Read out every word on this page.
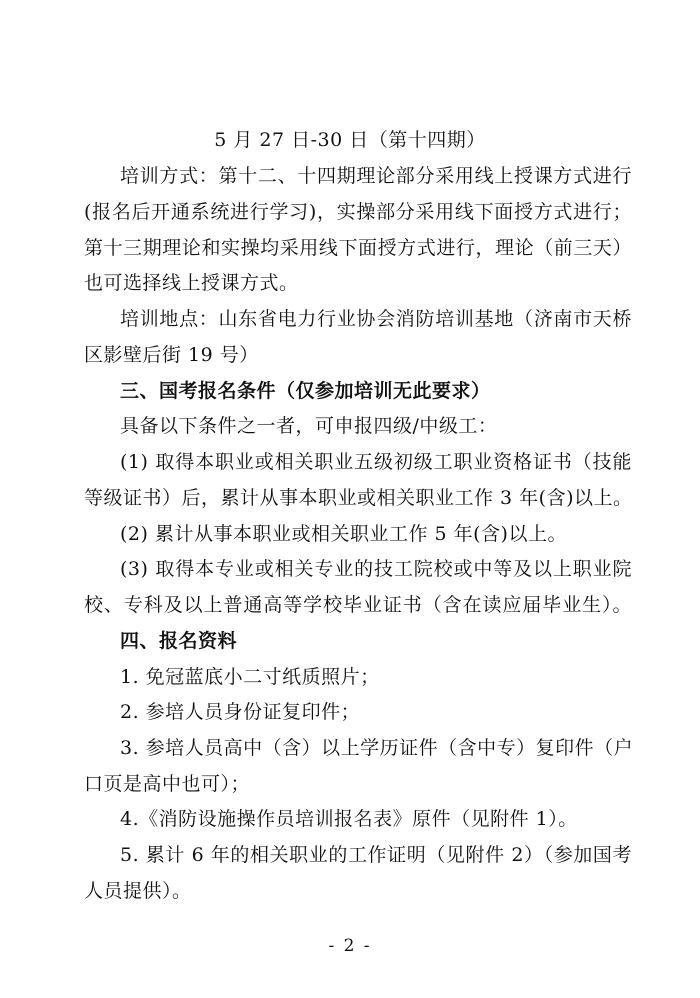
5 月 27 日-30 日（第十四期）
培训方式：第十二、十四期理论部分采用线上授课方式进行
(报名后开通系统进行学习)，实操部分采用线下面授方式进行；
第十三期理论和实操均采用线下面授方式进行，理论（前三天）
也可选择线上授课方式。
培训地点：山东省电力行业协会消防培训基地（济南市天桥
区影壁后街 19 号）
三、国考报名条件（仅参加培训无此要求）
具备以下条件之一者，可申报四级/中级工：
(1) 取得本职业或相关职业五级初级工职业资格证书（技能
等级证书）后，累计从事本职业或相关职业工作 3 年(含)以上。
(2) 累计从事本职业或相关职业工作 5 年(含)以上。
(3) 取得本专业或相关专业的技工院校或中等及以上职业院
校、专科及以上普通高等学校毕业证书（含在读应届毕业生）。
四、报名资料
1. 免冠蓝底小二寸纸质照片；
2. 参培人员身份证复印件；
3. 参培人员高中（含）以上学历证件（含中专）复印件（户
口页是高中也可）；
4.《消防设施操作员培训报名表》原件（见附件 1）。
5. 累计 6 年的相关职业的工作证明（见附件 2）（参加国考
人员提供）。
- 2 -
